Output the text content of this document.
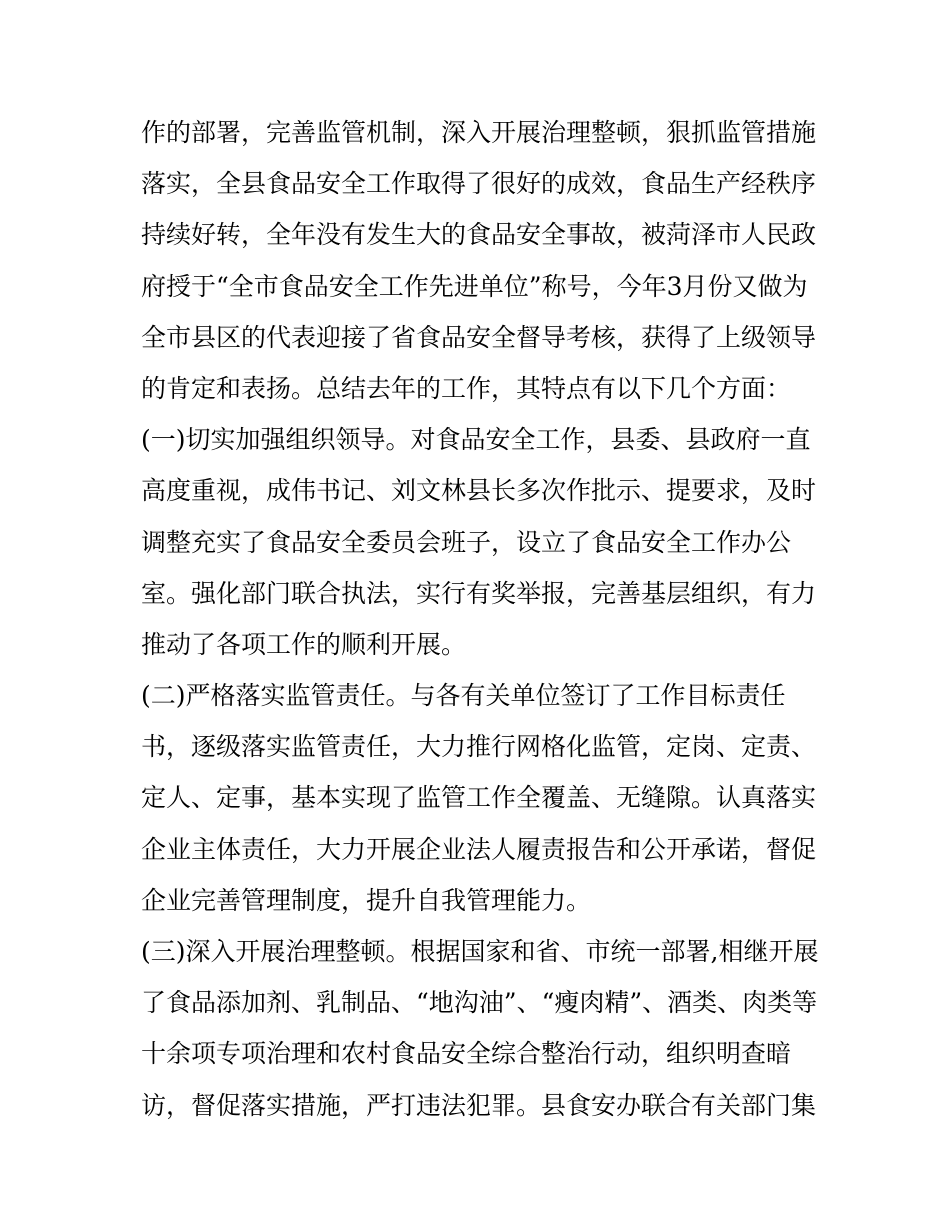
作的部署，完善监管机制，深入开展治理整顿，狠抓监管措施
落实，全县食品安全工作取得了很好的成效，食品生产经秩序
持续好转，全年没有发生大的食品安全事故，被菏泽市人民政
府授于“全市食品安全工作先进单位”称号，今年3月份又做为
全市县区的代表迎接了省食品安全督导考核，获得了上级领导
的肯定和表扬。总结去年的工作，其特点有以下几个方面：
(一)切实加强组织领导。对食品安全工作，县委、县政府一直
高度重视，成伟书记、刘文林县长多次作批示、提要求，及时
调整充实了食品安全委员会班子，设立了食品安全工作办公
室。强化部门联合执法，实行有奖举报，完善基层组织，有力
推动了各项工作的顺利开展。
(二)严格落实监管责任。与各有关单位签订了工作目标责任
书，逐级落实监管责任，大力推行网格化监管，定岗、定责、
定人、定事，基本实现了监管工作全覆盖、无缝隙。认真落实
企业主体责任，大力开展企业法人履责报告和公开承诺，督促
企业完善管理制度，提升自我管理能力。
(三)深入开展治理整顿。根据国家和省、市统一部署,相继开展
了食品添加剂、乳制品、“地沟油”、“瘦肉精”、酒类、肉类等
十余项专项治理和农村食品安全综合整治行动，组织明查暗
访，督促落实措施，严打违法犯罪。县食安办联合有关部门集
